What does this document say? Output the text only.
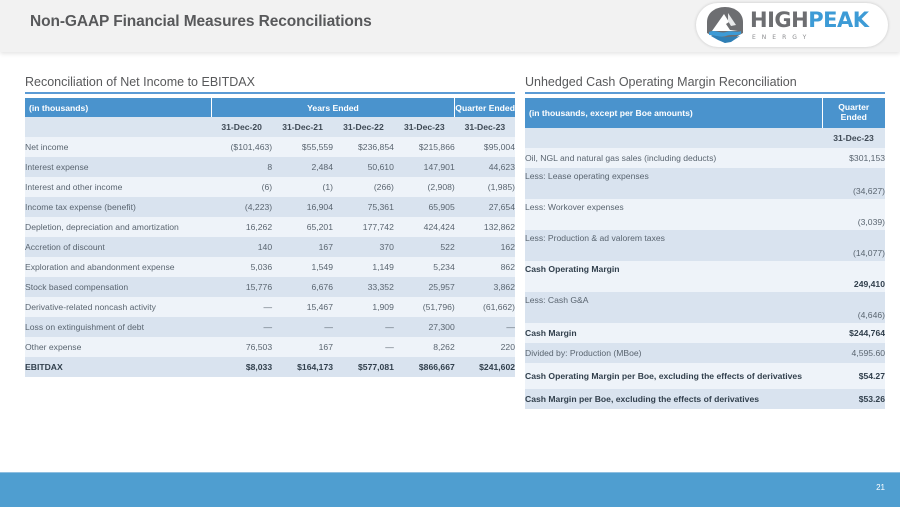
Non-GAAP Financial Measures Reconciliations	HIGHPEAK
ENERGY
Reconciliation of Net Income to EBITDAX
(in thousands)	Years Ended				Quarter Ended
	31-Dec-20	31-Dec-21	31-Dec-22	31-Dec-23	31-Dec-23
Net income	($101,463)	$55,559	$236,854	$215,866	$95,004
Interest expense	8	2,484	50,610	147,901	44,623
Interest and other income	(6)	(1)	(266)	(2,908)	(1,985)
Income tax expense (benefit)	(4,223)	16,904	75,361	65,905	27,654
Depletion, depreciation and amortization	16,262	65,201	177,742	424,424	132,862
Accretion of discount	140	167	370	522	162
Exploration and abandonment expense	5,036	1,549	1,149	5,234	862
Stock based compensation	15,776	6,676	33,352	25,957	3,862
Derivative-related noncash activity	—	15,467	1,909	(51,796)	(61,662)
Loss on extinguishment of debt	—	—	—	27,300	—
Other expense	76,503	167	—	8,262	220
EBITDAX	$8,033	$164,173	$577,081	$866,667	$241,602
Unhedged Cash Operating Margin Reconciliation
(in thousands, except per Boe amounts)	Quarter
Ended
	31-Dec-23
Oil, NGL and natural gas sales (including deducts)	$301,153
Less: Lease operating expenses	(34,627)
Less: Workover expenses	(3,039)
Less: Production & ad valorem taxes	(14,077)
Cash Operating Margin	249,410
Less: Cash G&A	(4,646)
Cash Margin	$244,764
Divided by: Production (MBoe)	4,595.60
Cash Operating Margin per Boe, excluding the effects of derivatives	$54.27
Cash Margin per Boe, excluding the effects of derivatives	$53.26
21
